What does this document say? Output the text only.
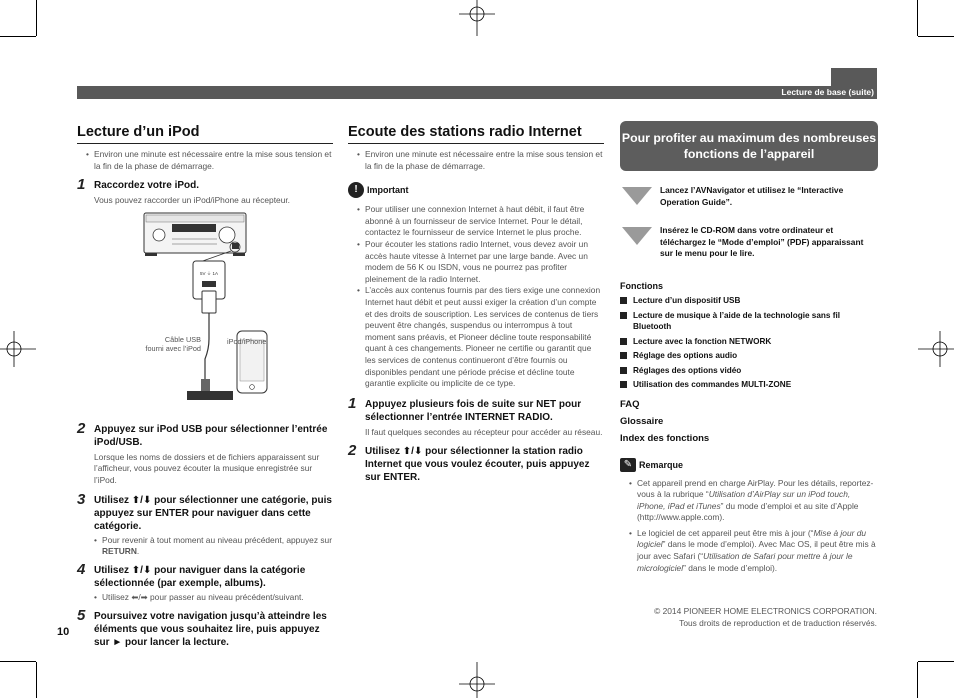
Lecture de base (suite)
Lecture d’un iPod
• Environ une minute est nécessaire entre la mise sous tension et la fin de la phase de démarrage.
1 Raccordez votre iPod.
Vous pouvez raccorder un iPod/iPhone au récepteur.
5V ⏚ 1A
Câble USB
fourni avec l’iPod
iPod/iPhone
2 Appuyez sur iPod USB pour sélectionner l’entrée iPod/USB.
Lorsque les noms de dossiers et de fichiers apparaissent sur l’afficheur, vous pouvez écouter la musique enregistrée sur l’iPod.
3 Utilisez ⬆/⬇ pour sélectionner une catégorie, puis appuyez sur ENTER pour naviguer dans cette catégorie.
• Pour revenir à tout moment au niveau précédent, appuyez sur RETURN.
4 Utilisez ⬆/⬇ pour naviguer dans la catégorie sélectionnée (par exemple, albums).
• Utilisez ⬅/➡ pour passer au niveau précédent/suivant.
5 Poursuivez votre navigation jusqu’à atteindre les éléments que vous souhaitez lire, puis appuyez sur ► pour lancer la lecture.
Ecoute des stations radio Internet
• Environ une minute est nécessaire entre la mise sous tension et la fin de la phase de démarrage.
!	Important
• Pour utiliser une connexion Internet à haut débit, il faut être abonné à un fournisseur de service Internet. Pour le détail, contactez le fournisseur de service Internet le plus proche.
• Pour écouter les stations radio Internet, vous devez avoir un accès haute vitesse à Internet par une large bande. Avec un modem de 56 K ou ISDN, vous ne pourrez pas profiter pleinement de la radio Internet.
• L’accès aux contenus fournis par des tiers exige une connexion Internet haut débit et peut aussi exiger la création d’un compte et des droits de souscription. Les services de contenus de tiers peuvent être changés, suspendus ou interrompus à tout moment sans préavis, et Pioneer décline toute responsabilité quant à ces changements. Pioneer ne certifie ou garantit que les services de contenus continueront d’être fournis ou disponibles pendant une période précise et décline toute garantie explicite ou implicite de ce type.
1 Appuyez plusieurs fois de suite sur NET pour sélectionner l’entrée INTERNET RADIO.
Il faut quelques secondes au récepteur pour accéder au réseau.
2 Utilisez ⬆/⬇ pour sélectionner la station radio Internet que vous voulez écouter, puis appuyez sur ENTER.
Pour profiter au maximum des nombreuses fonctions de l’appareil
Lancez l’AVNavigator et utilisez le “Interactive Operation Guide”.
Insérez le CD-ROM dans votre ordinateur et téléchargez le “Mode d’emploi” (PDF) apparaissant sur le menu pour le lire.
Fonctions
Lecture d’un dispositif USB
Lecture de musique à l’aide de la technologie sans fil Bluetooth
Lecture avec la fonction NETWORK
Réglage des options audio
Réglages des options vidéo
Utilisation des commandes MULTI-ZONE
FAQ
Glossaire
Index des fonctions
✎ Remarque
• Cet appareil prend en charge AirPlay. Pour les détails, reportez-vous à la rubrique “Utilisation d’AirPlay sur un iPod touch, iPhone, iPad et iTunes” du mode d’emploi et au site d’Apple (http://www.apple.com).
• Le logiciel de cet appareil peut être mis à jour (“Mise à jour du logiciel” dans le mode d’emploi). Avec Mac OS, il peut être mis à jour avec Safari (“Utilisation de Safari pour mettre à jour le micrologiciel” dans le mode d’emploi).
© 2014 PIONEER HOME ELECTRONICS CORPORATION.
Tous droits de reproduction et de traduction réservés.
10
